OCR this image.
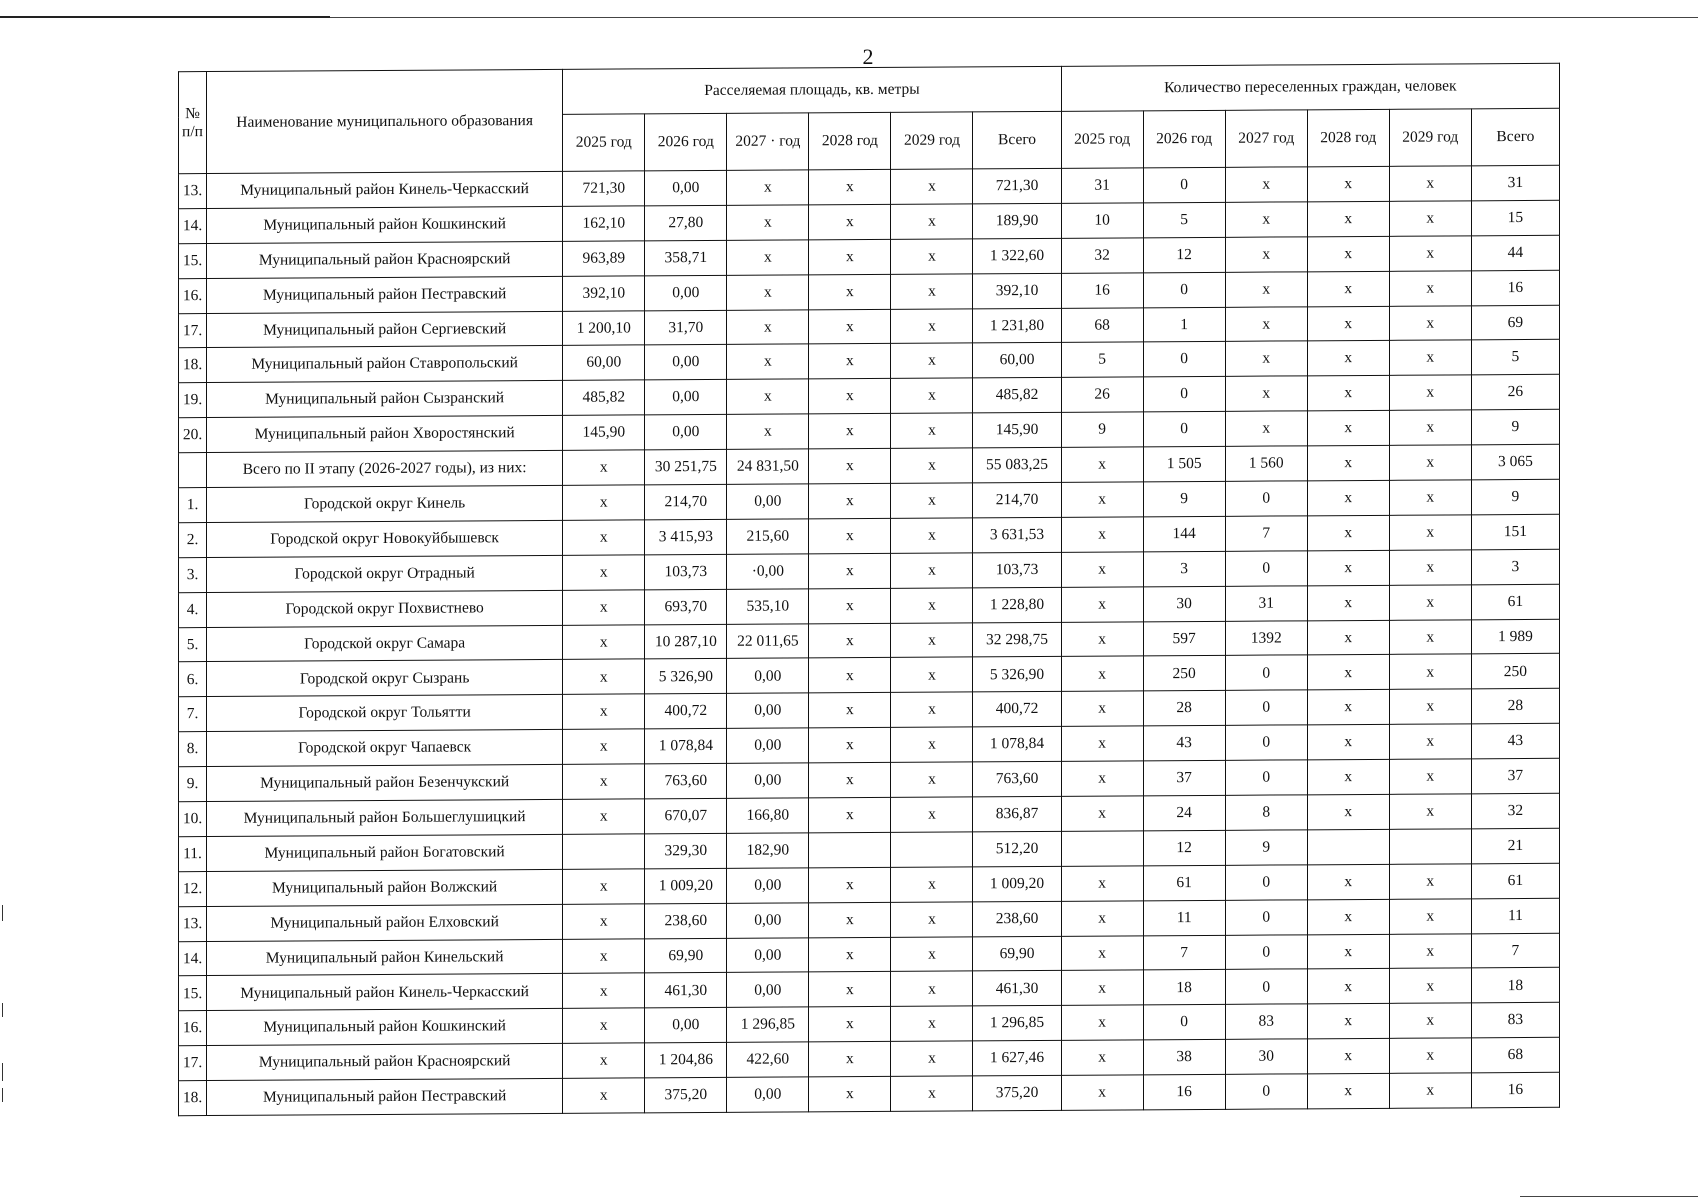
2
№ п/п	Наименование муниципального образования	Расселяемая площадь, кв. метры						Количество переселенных граждан, человек					
		2025 год	2026 год	2027 · год	2028 год	2029 год	Всего	2025 год	2026 год	2027 год	2028 год	2029 год	Всего
13.	Муниципальный район Кинель-Черкасский	721,30	0,00	x	x	x	721,30	31	0	x	x	x	31
14.	Муниципальный район Кошкинский	162,10	27,80	x	x	x	189,90	10	5	x	x	x	15
15.	Муниципальный район Красноярский	963,89	358,71	x	x	x	1 322,60	32	12	x	x	x	44
16.	Муниципальный район Пестравский	392,10	0,00	x	x	x	392,10	16	0	x	x	x	16
17.	Муниципальный район Сергиевский	1 200,10	31,70	x	x	x	1 231,80	68	1	x	x	x	69
18.	Муниципальный район Ставропольский	60,00	0,00	x	x	x	60,00	5	0	x	x	x	5
19.	Муниципальный район Сызранский	485,82	0,00	x	x	x	485,82	26	0	x	x	x	26
20.	Муниципальный район Хворостянский	145,90	0,00	x	x	x	145,90	9	0	x	x	x	9
	Всего по II этапу (2026-2027 годы), из них:	x	30 251,75	24 831,50	x	x	55 083,25	x	1 505	1 560	x	x	3 065
1.	Городской округ Кинель	x	214,70	0,00	x	x	214,70	x	9	0	x	x	9
2.	Городской округ Новокуйбышевск	x	3 415,93	215,60	x	x	3 631,53	x	144	7	x	x	151
3.	Городской округ Отрадный	x	103,73	·0,00	x	x	103,73	x	3	0	x	x	3
4.	Городской округ Похвистнево	x	693,70	535,10	x	x	1 228,80	x	30	31	x	x	61
5.	Городской округ Самара	x	10 287,10	22 011,65	x	x	32 298,75	x	597	1392	x	x	1 989
6.	Городской округ Сызрань	x	5 326,90	0,00	x	x	5 326,90	x	250	0	x	x	250
7.	Городской округ Тольятти	x	400,72	0,00	x	x	400,72	x	28	0	x	x	28
8.	Городской округ Чапаевск	x	1 078,84	0,00	x	x	1 078,84	x	43	0	x	x	43
9.	Муниципальный район Безенчукский	x	763,60	0,00	x	x	763,60	x	37	0	x	x	37
10.	Муниципальный район Большеглушицкий	x	670,07	166,80	x	x	836,87	x	24	8	x	x	32
11.	Муниципальный район Богатовский		329,30	182,90			512,20		12	9			21
12.	Муниципальный район Волжский	x	1 009,20	0,00	x	x	1 009,20	x	61	0	x	x	61
13.	Муниципальный район Елховский	x	238,60	0,00	x	x	238,60	x	11	0	x	x	11
14.	Муниципальный район Кинельский	x	69,90	0,00	x	x	69,90	x	7	0	x	x	7
15.	Муниципальный район Кинель-Черкасский	x	461,30	0,00	x	x	461,30	x	18	0	x	x	18
16.	Муниципальный район Кошкинский	x	0,00	1 296,85	x	x	1 296,85	x	0	83	x	x	83
17.	Муниципальный район Красноярский	x	1 204,86	422,60	x	x	1 627,46	x	38	30	x	x	68
18.	Муниципальный район Пестравский	x	375,20	0,00	x	x	375,20	x	16	0	x	x	16
